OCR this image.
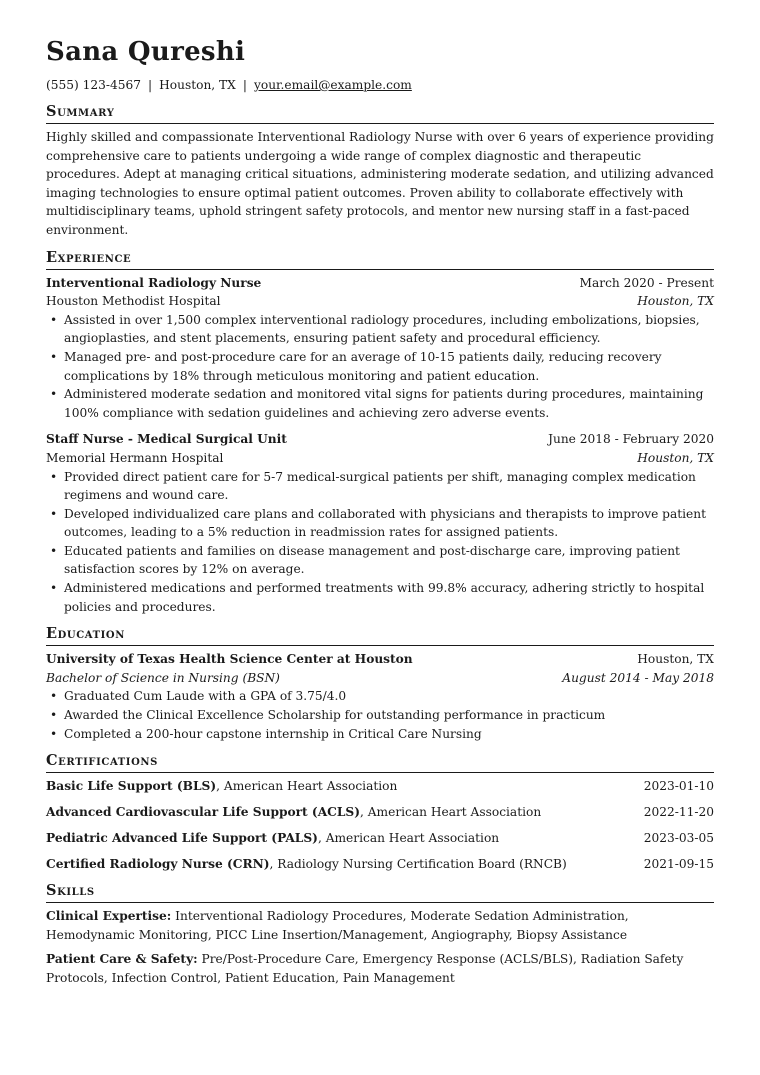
Sana Qureshi
(555) 123-4567 | Houston, TX | your.email@example.com
Summary
Highly skilled and compassionate Interventional Radiology Nurse with over 6 years of experience providing comprehensive care to patients undergoing a wide range of complex diagnostic and therapeutic procedures. Adept at managing critical situations, administering moderate sedation, and utilizing advanced imaging technologies to ensure optimal patient outcomes. Proven ability to collaborate effectively with multidisciplinary teams, uphold stringent safety protocols, and mentor new nursing staff in a fast-paced environment.
Experience
Interventional Radiology Nurse	March 2020 - Present
Houston Methodist Hospital	Houston, TX
• Assisted in over 1,500 complex interventional radiology procedures, including embolizations, biopsies, angioplasties, and stent placements, ensuring patient safety and procedural efficiency.
• Managed pre- and post-procedure care for an average of 10-15 patients daily, reducing recovery complications by 18% through meticulous monitoring and patient education.
• Administered moderate sedation and monitored vital signs for patients during procedures, maintaining 100% compliance with sedation guidelines and achieving zero adverse events.
Staff Nurse - Medical Surgical Unit	June 2018 - February 2020
Memorial Hermann Hospital	Houston, TX
• Provided direct patient care for 5-7 medical-surgical patients per shift, managing complex medication regimens and wound care.
• Developed individualized care plans and collaborated with physicians and therapists to improve patient outcomes, leading to a 5% reduction in readmission rates for assigned patients.
• Educated patients and families on disease management and post-discharge care, improving patient satisfaction scores by 12% on average.
• Administered medications and performed treatments with 99.8% accuracy, adhering strictly to hospital policies and procedures.
Education
University of Texas Health Science Center at Houston	Houston, TX
Bachelor of Science in Nursing (BSN)	August 2014 - May 2018
• Graduated Cum Laude with a GPA of 3.75/4.0
• Awarded the Clinical Excellence Scholarship for outstanding performance in practicum
• Completed a 200-hour capstone internship in Critical Care Nursing
Certifications
Basic Life Support (BLS), American Heart Association	2023-01-10
Advanced Cardiovascular Life Support (ACLS), American Heart Association	2022-11-20
Pediatric Advanced Life Support (PALS), American Heart Association	2023-03-05
Certified Radiology Nurse (CRN), Radiology Nursing Certification Board (RNCB)	2021-09-15
Skills
Clinical Expertise: Interventional Radiology Procedures, Moderate Sedation Administration, Hemodynamic Monitoring, PICC Line Insertion/Management, Angiography, Biopsy Assistance
Patient Care & Safety: Pre/Post-Procedure Care, Emergency Response (ACLS/BLS), Radiation Safety Protocols, Infection Control, Patient Education, Pain Management
